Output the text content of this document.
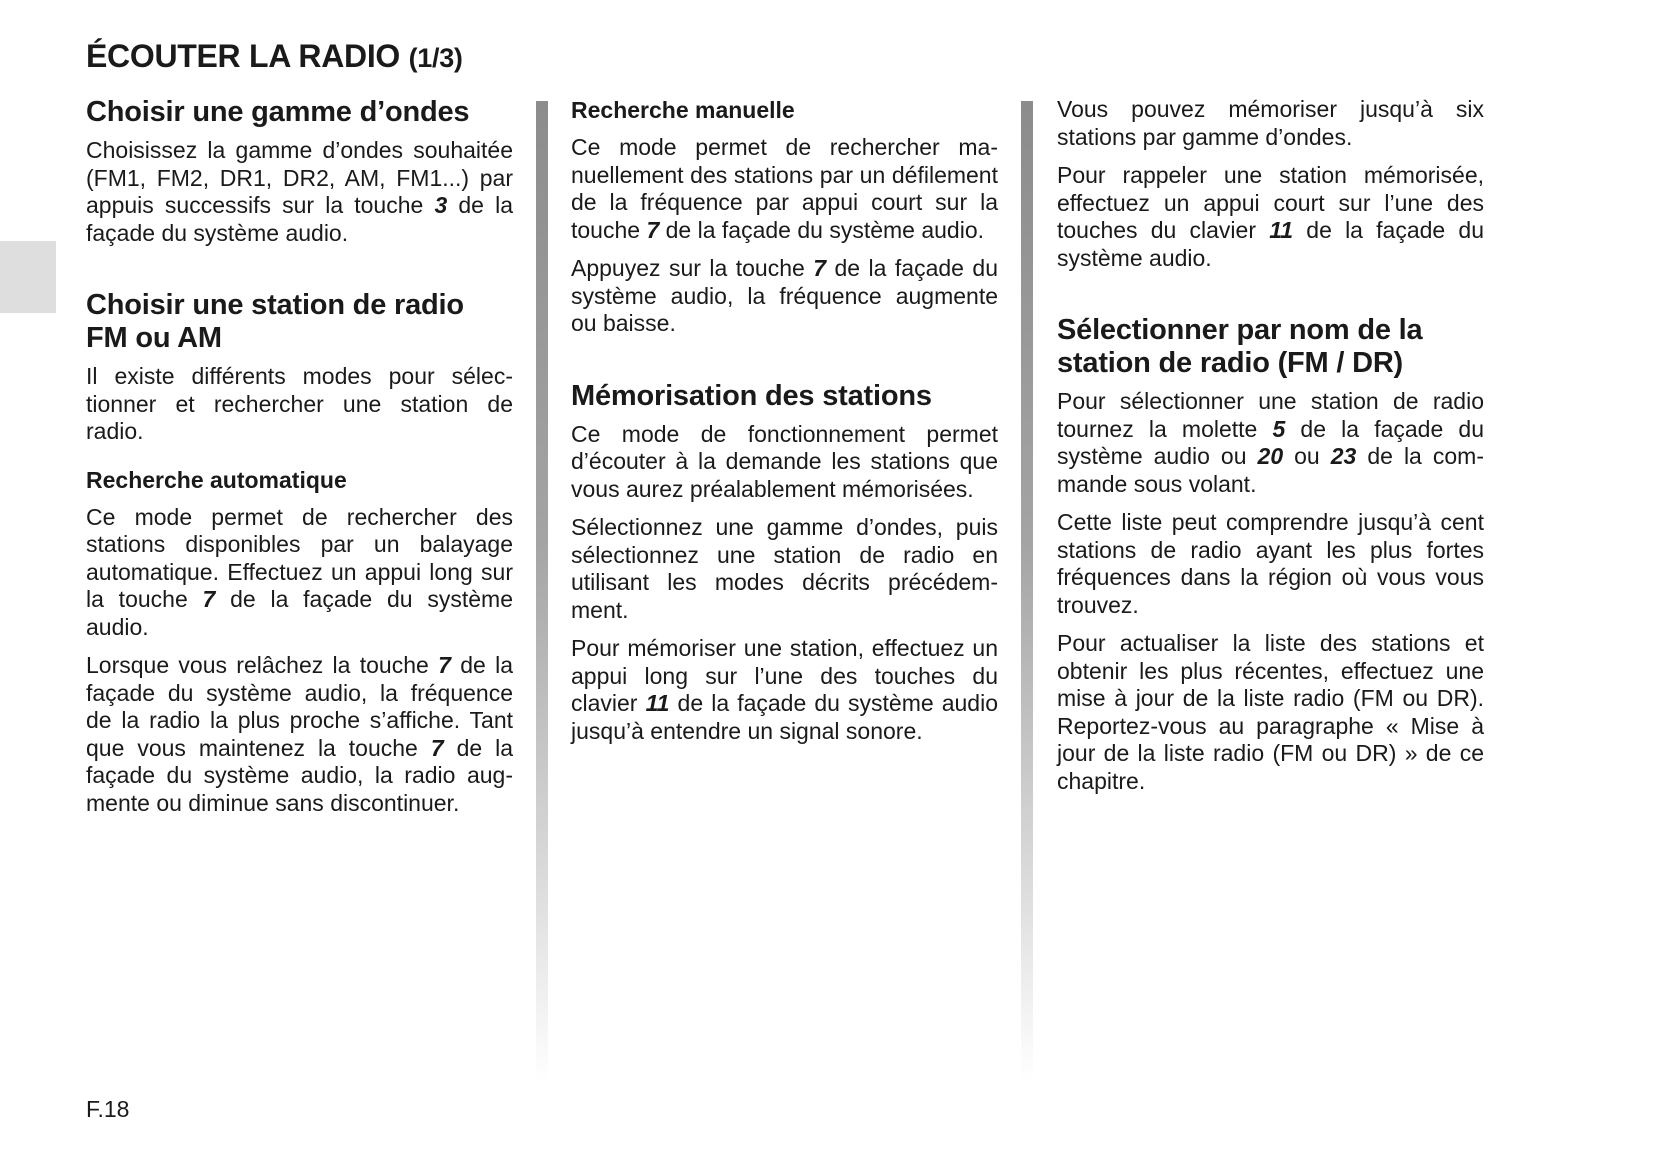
ÉCOUTER LA RADIO (1/3)
Choisir une gamme d’ondes

Choisissez la gamme d’ondes souhaitée (FM1, FM2, DR1, DR2, AM, FM1...) par appuis successifs sur la touche 3 de la façade du système audio.

Choisir une station de radio FM ou AM

Il existe différents modes pour sélectionner et rechercher une station de radio.

Recherche automatique

Ce mode permet de rechercher des stations disponibles par un balayage automatique. Effectuez un appui long sur la touche 7 de la façade du système audio.

Lorsque vous relâchez la touche 7 de la façade du système audio, la fréquence de la radio la plus proche s’affiche. Tant que vous maintenez la touche 7 de la façade du système audio, la radio augmente ou diminue sans discontinuer.

Recherche manuelle

Ce mode permet de rechercher manuellement des stations par un défilement de la fréquence par appui court sur la touche 7 de la façade du système audio.

Appuyez sur la touche 7 de la façade du système audio, la fréquence augmente ou baisse.

Mémorisation des stations

Ce mode de fonctionnement permet d’écouter à la demande les stations que vous aurez préalablement mémorisées.

Sélectionnez une gamme d’ondes, puis sélectionnez une station de radio en utilisant les modes décrits précédemment.

Pour mémoriser une station, effectuez un appui long sur l’une des touches du clavier 11 de la façade du système audio jusqu’à entendre un signal sonore.

Vous pouvez mémoriser jusqu’à six stations par gamme d’ondes.

Pour rappeler une station mémorisée, effectuez un appui court sur l’une des touches du clavier 11 de la façade du système audio.

Sélectionner par nom de la station de radio (FM / DR)

Pour sélectionner une station de radio tournez la molette 5 de la façade du système audio ou 20 ou 23 de la commande sous volant.

Cette liste peut comprendre jusqu’à cent stations de radio ayant les plus fortes fréquences dans la région où vous vous trouvez.

Pour actualiser la liste des stations et obtenir les plus récentes, effectuez une mise à jour de la liste radio (FM ou DR). Reportez-vous au paragraphe « Mise à jour de la liste radio (FM ou DR) » de ce chapitre.

F.18
